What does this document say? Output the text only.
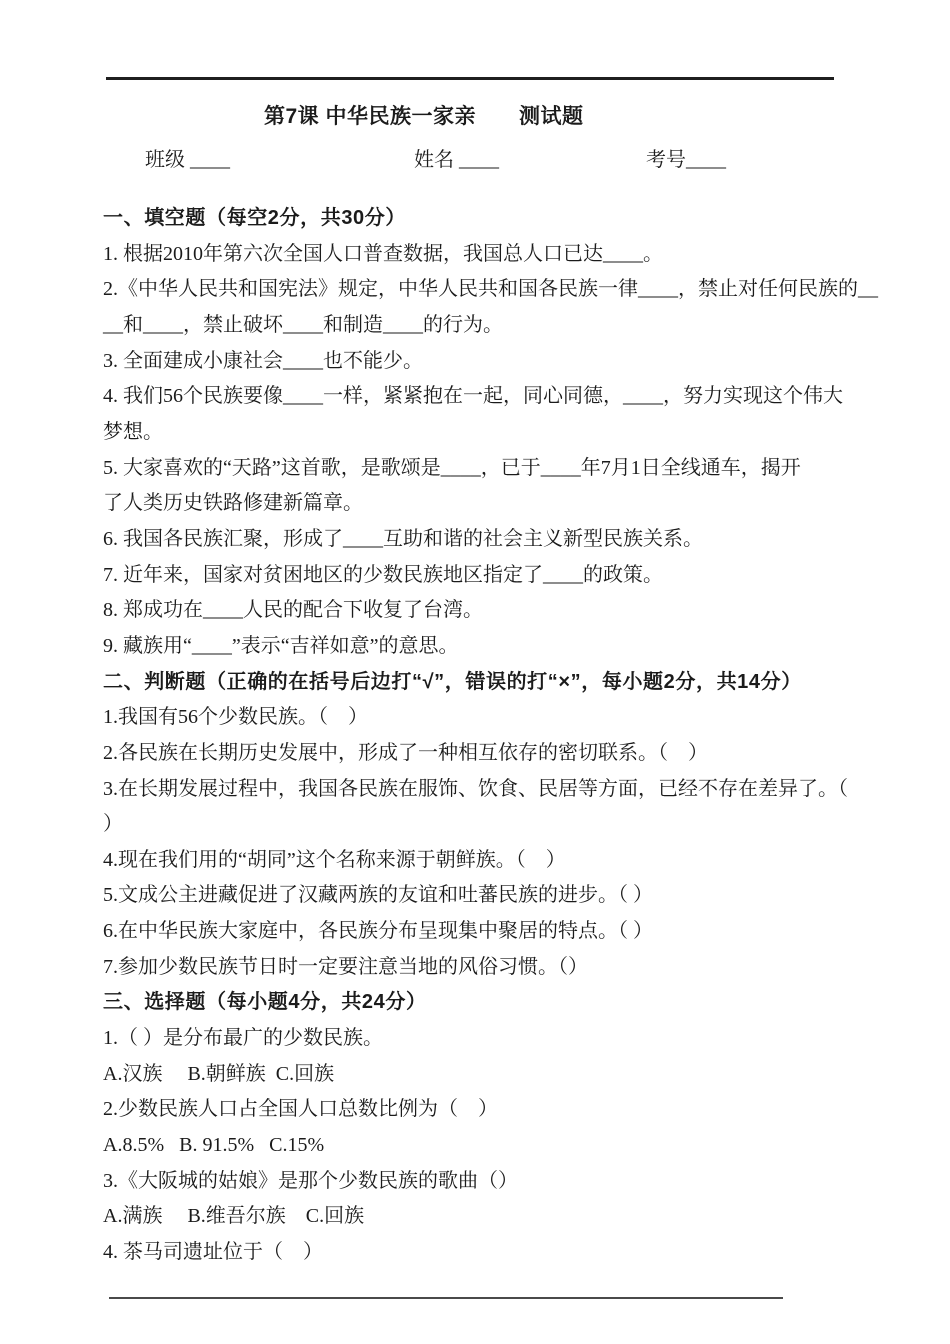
第7课 中华民族一家亲　　测试题
班级 ____	姓名 ____	考号____
一、填空题（每空2分，共30分）
1. 根据2010年第六次全国人口普查数据，我国总人口已达____。
2.《中华人民共和国宪法》规定，中华人民共和国各民族一律____，禁止对任何民族的__
__和____，禁止破坏____和制造____的行为。
3. 全面建成小康社会____也不能少。
4. 我们56个民族要像____一样，紧紧抱在一起，同心同德，____，努力实现这个伟大
梦想。
5. 大家喜欢的“天路”这首歌，是歌颂是____，已于____年7月1日全线通车，揭开
了人类历史铁路修建新篇章。
6. 我国各民族汇聚，形成了____互助和谐的社会主义新型民族关系。
7. 近年来，国家对贫困地区的少数民族地区指定了____的政策。
8. 郑成功在____人民的配合下收复了台湾。
9. 藏族用“____”表示“吉祥如意”的意思。
二、判断题（正确的在括号后边打“√”，错误的打“×”，每小题2分，共14分）
1.我国有56个少数民族。（　）
2.各民族在长期历史发展中，形成了一种相互依存的密切联系。（　）
3.在长期发展过程中，我国各民族在服饰、饮食、民居等方面，已经不存在差异了。（
）
4.现在我们用的“胡同”这个名称来源于朝鲜族。（　）
5.文成公主进藏促进了汉藏两族的友谊和吐蕃民族的进步。（ ）
6.在中华民族大家庭中，各民族分布呈现集中聚居的特点。（ ）
7.参加少数民族节日时一定要注意当地的风俗习惯。（）
三、选择题（每小题4分，共24分）
1.（ ）是分布最广的少数民族。
A.汉族     B.朝鲜族  C.回族
2.少数民族人口占全国人口总数比例为（　）
A.8.5%   B. 91.5%   C.15%
3.《大阪城的姑娘》是那个少数民族的歌曲（）
A.满族     B.维吾尔族    C.回族
4. 茶马司遗址位于（　）
